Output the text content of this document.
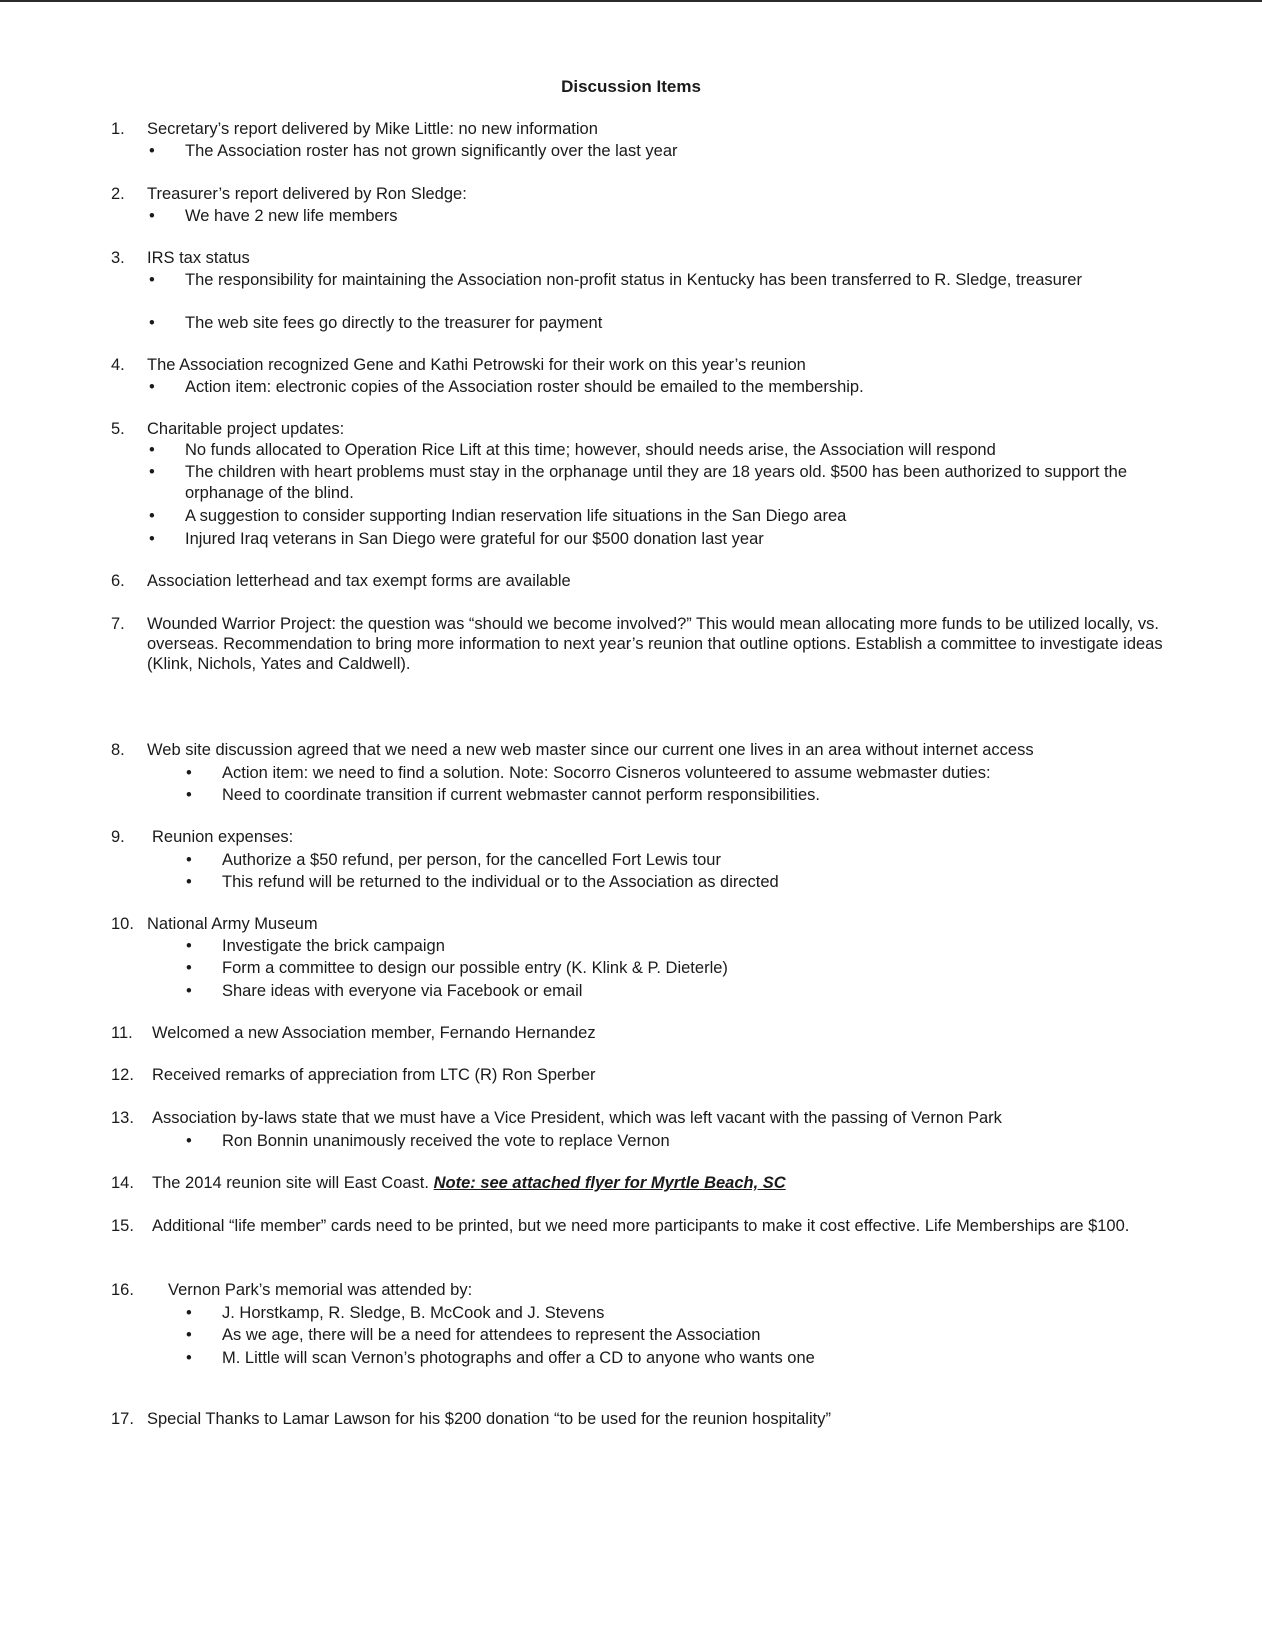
Discussion Items
1. Secretary’s report delivered by Mike Little: no new information
• The Association roster has not grown significantly over the last year
2. Treasurer’s report delivered by Ron Sledge:
• We have 2 new life members
3. IRS tax status
• The responsibility for maintaining the Association non-profit status in Kentucky has been transferred to R. Sledge, treasurer
• The web site fees go directly to the treasurer for payment
4. The Association recognized Gene and Kathi Petrowski for their work on this year’s reunion
• Action item: electronic copies of the Association roster should be emailed to the membership.
5. Charitable project updates:
• No funds allocated to Operation Rice Lift at this time; however, should needs arise, the Association will respond
• The children with heart problems must stay in the orphanage until they are 18 years old. $500 has been authorized to support the orphanage of the blind.
• A suggestion to consider supporting Indian reservation life situations in the San Diego area
• Injured Iraq veterans in San Diego were grateful for our $500 donation last year
6. Association letterhead and tax exempt forms are available
7. Wounded Warrior Project: the question was “should we become involved?” This would mean allocating more funds to be utilized locally, vs. overseas. Recommendation to bring more information to next year’s reunion that outline options. Establish a committee to investigate ideas (Klink, Nichols, Yates and Caldwell).
8. Web site discussion agreed that we need a new web master since our current one lives in an area without internet access
• Action item: we need to find a solution. Note: Socorro Cisneros volunteered to assume webmaster duties:
• Need to coordinate transition if current webmaster cannot perform responsibilities.
9. Reunion expenses:
• Authorize a $50 refund, per person, for the cancelled Fort Lewis tour
• This refund will be returned to the individual or to the Association as directed
10. National Army Museum
• Investigate the brick campaign
• Form a committee to design our possible entry (K. Klink & P. Dieterle)
• Share ideas with everyone via Facebook or email
11. Welcomed a new Association member, Fernando Hernandez
12. Received remarks of appreciation from LTC (R) Ron Sperber
13. Association by-laws state that we must have a Vice President, which was left vacant with the passing of Vernon Park
• Ron Bonnin unanimously received the vote to replace Vernon
14. The 2014 reunion site will East Coast. Note: see attached flyer for Myrtle Beach, SC
15.	Additional “life member” cards need to be printed, but we need more participants to make it cost effective. Life Memberships are $100.
16. Vernon Park’s memorial was attended by:
• J. Horstkamp, R. Sledge, B. McCook and J. Stevens
• As we age, there will be a need for attendees to represent the Association
• M. Little will scan Vernon’s photographs and offer a CD to anyone who wants one
17. Special Thanks to Lamar Lawson for his $200 donation “to be used for the reunion hospitality”
